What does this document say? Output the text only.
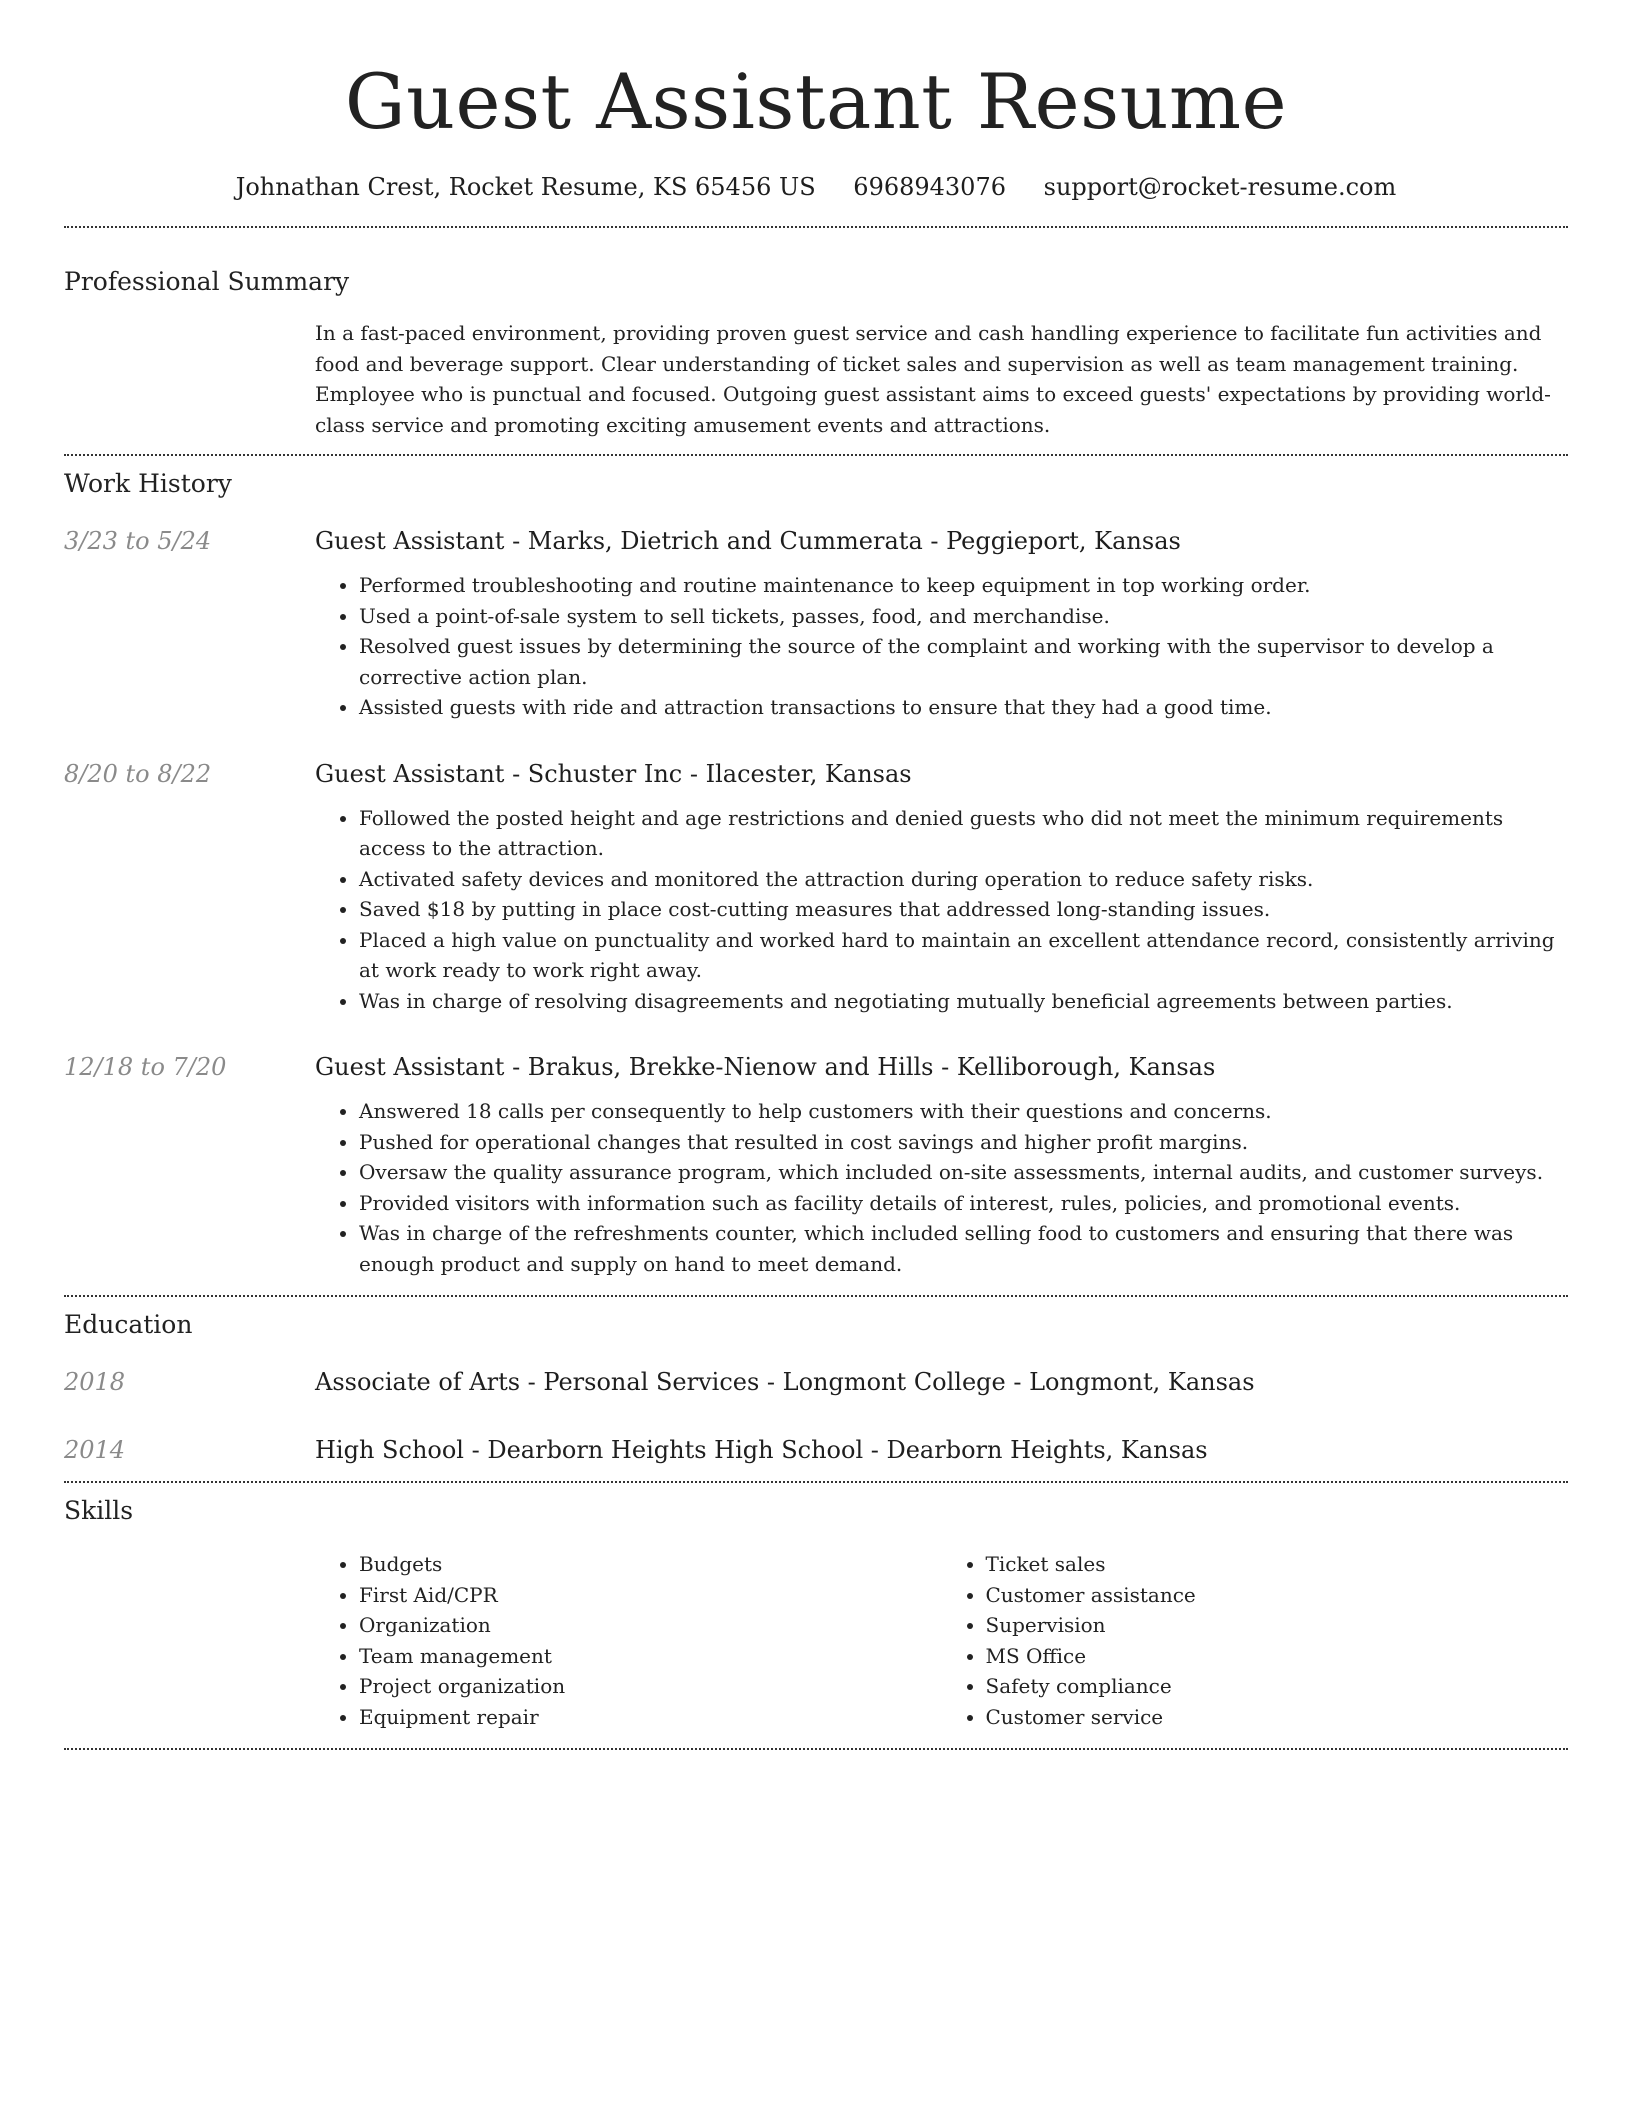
Guest Assistant Resume
Johnathan Crest, Rocket Resume, KS 65456 US 6968943076 support@rocket-resume.com
Professional Summary
In a fast-paced environment, providing proven guest service and cash handling experience to facilitate fun activities and food and beverage support. Clear understanding of ticket sales and supervision as well as team management training. Employee who is punctual and focused. Outgoing guest assistant aims to exceed guests' expectations by providing world-class service and promoting exciting amusement events and attractions.
Work History
3/23 to 5/24	Guest Assistant - Marks, Dietrich and Cummerata - Peggieport, Kansas
• Performed troubleshooting and routine maintenance to keep equipment in top working order.
• Used a point-of-sale system to sell tickets, passes, food, and merchandise.
• Resolved guest issues by determining the source of the complaint and working with the supervisor to develop a corrective action plan.
• Assisted guests with ride and attraction transactions to ensure that they had a good time.
8/20 to 8/22	Guest Assistant - Schuster Inc - Ilacester, Kansas
• Followed the posted height and age restrictions and denied guests who did not meet the minimum requirements access to the attraction.
• Activated safety devices and monitored the attraction during operation to reduce safety risks.
• Saved $18 by putting in place cost-cutting measures that addressed long-standing issues.
• Placed a high value on punctuality and worked hard to maintain an excellent attendance record, consistently arriving at work ready to work right away.
• Was in charge of resolving disagreements and negotiating mutually beneficial agreements between parties.
12/18 to 7/20	Guest Assistant - Brakus, Brekke-Nienow and Hills - Kelliborough, Kansas
• Answered 18 calls per consequently to help customers with their questions and concerns.
• Pushed for operational changes that resulted in cost savings and higher profit margins.
• Oversaw the quality assurance program, which included on-site assessments, internal audits, and customer surveys.
• Provided visitors with information such as facility details of interest, rules, policies, and promotional events.
• Was in charge of the refreshments counter, which included selling food to customers and ensuring that there was enough product and supply on hand to meet demand.
Education
2018	Associate of Arts - Personal Services - Longmont College - Longmont, Kansas
2014	High School - Dearborn Heights High School - Dearborn Heights, Kansas
Skills
• Budgets
• First Aid/CPR
• Organization
• Team management
• Project organization
• Equipment repair
• Ticket sales
• Customer assistance
• Supervision
• MS Office
• Safety compliance
• Customer service
